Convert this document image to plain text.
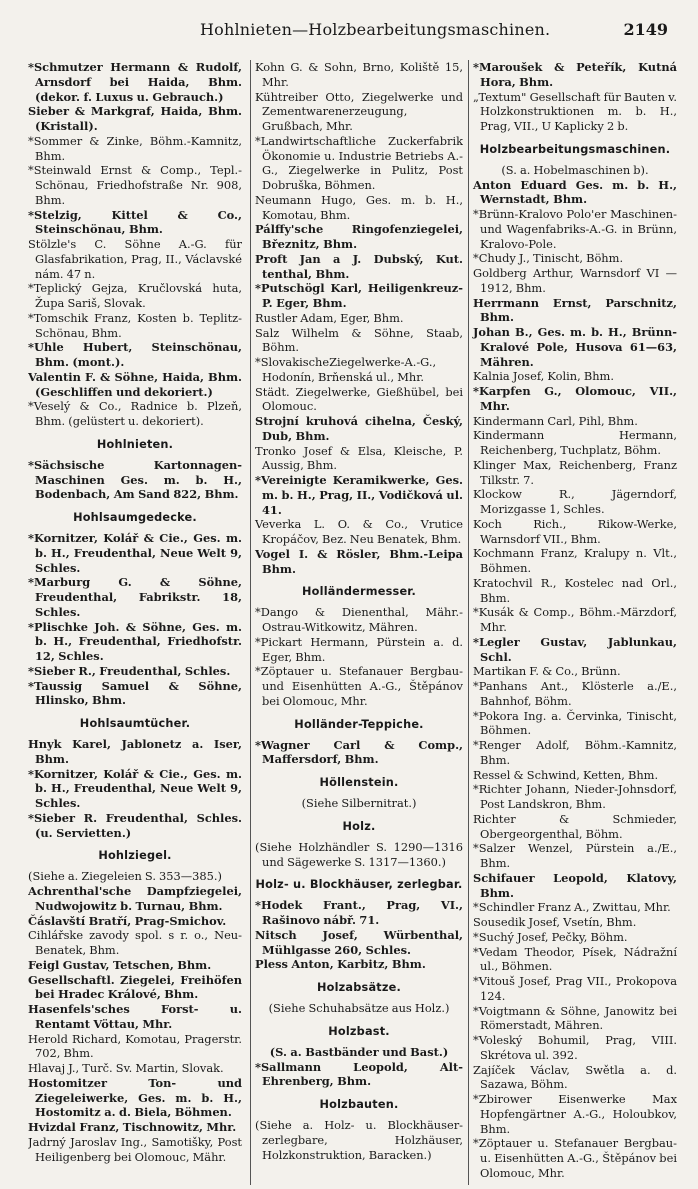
Hohlnieten—Holzbearbeitungsmaschinen.	2149
*Schmutzer Hermann & Rudolf, Arnsdorf bei Haida, Bhm. (dekor. f. Luxus u. Gebrauch.)
Sieber & Markgraf, Haida, Bhm. (Kristall).
*Sommer & Zinke, Böhm.-Kamnitz, Bhm.
*Steinwald Ernst & Comp., Tepl.-Schönau, Friedhofstraße Nr. 908, Bhm.
*Stelzig, Kittel & Co., Steinschönau, Bhm.
Stölzle's C. Söhne A.-G. für Glasfabrikation, Prag, II., Václavské nám. 47 n.
*Teplický Gejza, Kručlovská huta, Župa Sariš, Slovak.
*Tomschik Franz, Kosten b. Teplitz-Schönau, Bhm.
*Uhle Hubert, Steinschönau, Bhm. (mont.).
Valentin F. & Söhne, Haida, Bhm. (Geschliffen und dekoriert.)
*Veselý & Co., Radnice b. Plzeň, Bhm. (gelüstert u. dekoriert).
Hohlnieten.
*Sächsische Kartonnagen-Maschinen Ges. m. b. H., Bodenbach, Am Sand 822, Bhm.
Hohlsaumgedecke.
*Kornitzer, Kolář & Cie., Ges. m. b. H., Freudenthal, Neue Welt 9, Schles.
*Marburg G. & Söhne, Freudenthal, Fabrikstr. 18, Schles.
*Plischke Joh. & Söhne, Ges. m. b. H., Freudenthal, Friedhofstr. 12, Schles.
*Sieber R., Freudenthal, Schles.
*Taussig Samuel & Söhne, Hlinsko, Bhm.
Hohlsaumtücher.
Hnyk Karel, Jablonetz a. Iser, Bhm.
*Kornitzer, Kolář & Cie., Ges. m. b. H., Freudenthal, Neue Welt 9, Schles.
*Sieber R. Freudenthal, Schles. (u. Servietten.)
Hohlziegel.
(Siehe a. Ziegeleien S. 353—385.)
Achrenthal'sche Dampfziegelei, Nudwojowitz b. Turnau, Bhm.
Čáslavští Bratří, Prag-Smichov.
Cihlářske zavody spol. s r. o., Neu-Benatek, Bhm.
Feigl Gustav, Tetschen, Bhm.
Gesellschaftl. Ziegelei, Freihöfen bei Hradec Králové, Bhm.
Hasenfels'sches Forst- u. Rentamt Vöttau, Mhr.
Herold Richard, Komotau, Pragerstr. 702, Bhm.
Hlavaj J., Turč. Sv. Martin, Slovak.
Hostomitzer Ton- und Ziegeleiwerke, Ges. m. b. H., Hostomitz a. d. Biela, Böhmen.
Hvizdal Franz, Tischnowitz, Mhr.
Jadrný Jaroslav Ing., Samotišky, Post Heiligenberg bei Olomouc, Mähr.
Kohn G. & Sohn, Brno, Koliště 15, Mhr.
Kühtreiber Otto, Ziegelwerke und Zementwarenerzeugung, Grußbach, Mhr.
*Landwirtschaftliche Zuckerfabrik Ökonomie u. Industrie Betriebs A.-G., Ziegelwerke in Pulitz, Post Dobruška, Böhmen.
Neumann Hugo, Ges. m. b. H., Komotau, Bhm.
Pálffy'sche Ringofenziegelei, Březnitz, Bhm.
Proft Jan a J. Dubský, Kut. tenthal, Bhm.
*Putschögl Karl, Heiligenkreuz-P. Eger, Bhm.
Rustler Adam, Eger, Bhm.
Salz Wilhelm & Söhne, Staab, Böhm.
*SlovakischeZiegelwerke-A.-G., Hodonín, Brňenská ul., Mhr.
Städt. Ziegelwerke, Gießhübel, bei Olomouc.
Strojní kruhová cihelna, Český, Dub, Bhm.
Tronko Josef & Elsa, Kleische, P. Aussig, Bhm.
*Vereinigte Keramikwerke, Ges. m. b. H., Prag, II., Vodičková ul. 41.
Veverka L. O. & Co., Vrutice Kropáčov, Bez. Neu Benatek, Bhm.
Vogel I. & Rösler, Bhm.-Leipa Bhm.
Holländermesser.
*Dango & Dienenthal, Mähr.-Ostrau-Witkowitz, Mähren.
*Pickart Hermann, Pürstein a. d. Eger, Bhm.
*Zöptauer u. Stefanauer Bergbau- und Eisenhütten A.-G., Štěpánov bei Olomouc, Mhr.
Holländer-Teppiche.
*Wagner Carl & Comp., Maffersdorf, Bhm.
Höllenstein.
(Siehe Silbernitrat.)
Holz.
(Siehe Holzhändler S. 1290—1316 und Sägewerke S. 1317—1360.)
Holz- u. Blockhäuser, zerlegbar.
*Hodek Frant., Prag, VI., Rašinovo nábř. 71.
Nitsch Josef, Würbenthal, Mühlgasse 260, Schles.
Pless Anton, Karbitz, Bhm.
Holzabsätze.
(Siehe Schuhabsätze aus Holz.)
Holzbast.
(S. a. Bastbänder und Bast.)
*Sallmann Leopold, Alt-Ehrenberg, Bhm.
Holzbauten.
(Siehe a. Holz- u. Blockhäuser-zerlegbare, Holzhäuser, Holzkonstruktion, Baracken.)
*Maroušek & Peteřík, Kutná Hora, Bhm.
„Textum" Gesellschaft für Bauten v. Holzkonstruktionen m. b. H., Prag, VII., U Kaplicky 2 b.
Holzbearbeitungsmaschinen.
(S. a. Hobelmaschinen b).
Anton Eduard Ges. m. b. H., Wernstadt, Bhm.
*Brünn-Kralovo Polo'er Maschinen- und Wagenfabriks-A.-G. in Brünn, Kralovo-Pole.
*Chudy J., Tinischt, Böhm.
Goldberg Arthur, Warnsdorf VI —1912, Bhm.
Herrmann Ernst, Parschnitz, Bhm.
Johan B., Ges. m. b. H., Brünn-Kralové Pole, Husova 61—63, Mähren.
Kalnia Josef, Kolin, Bhm.
*Karpfen G., Olomouc, VII., Mhr.
Kindermann Carl, Pihl, Bhm.
Kindermann Hermann, Reichenberg, Tuchplatz, Böhm.
Klinger Max, Reichenberg, Franz Tilkstr. 7.
Klockow R., Jägerndorf, Morizgasse 1, Schles.
Koch Rich., Rikow-Werke, Warnsdorf VII., Bhm.
Kochmann Franz, Kralupy n. Vlt., Böhmen.
Kratochvil R., Kostelec nad Orl., Bhm.
*Kusák & Comp., Böhm.-Märzdorf, Mhr.
*Legler Gustav, Jablunkau, Schl.
Martikan F. & Co., Brünn.
*Panhans Ant., Klösterle a./E., Bahnhof, Böhm.
*Pokora Ing. a. Červinka, Tinischt, Böhmen.
*Renger Adolf, Böhm.-Kamnitz, Bhm.
Ressel & Schwind, Ketten, Bhm.
*Richter Johann, Nieder-Johnsdorf, Post Landskron, Bhm.
Richter & Schmieder, Obergeorgenthal, Böhm.
*Salzer Wenzel, Pürstein a./E., Bhm.
Schifauer Leopold, Klatovy, Bhm.
*Schindler Franz A., Zwittau, Mhr.
Sousedik Josef, Vsetín, Bhm.
*Suchý Josef, Pečky, Böhm.
*Vedam Theodor, Písek, Nádražní ul., Böhmen.
*Vitouš Josef, Prag VII., Prokopova 124.
*Voigtmann & Söhne, Janowitz bei Römerstadt, Mähren.
*Voleský Bohumil, Prag, VIII. Skrétova ul. 392.
Zajíček Václav, Swětla a. d. Sazawa, Böhm.
*Zbirower Eisenwerke Max Hopfengärtner A.-G., Holoubkov, Bhm.
*Zöptauer u. Stefanauer Bergbau- u. Eisenhütten A.-G., Štěpánov bei Olomouc, Mhr.
